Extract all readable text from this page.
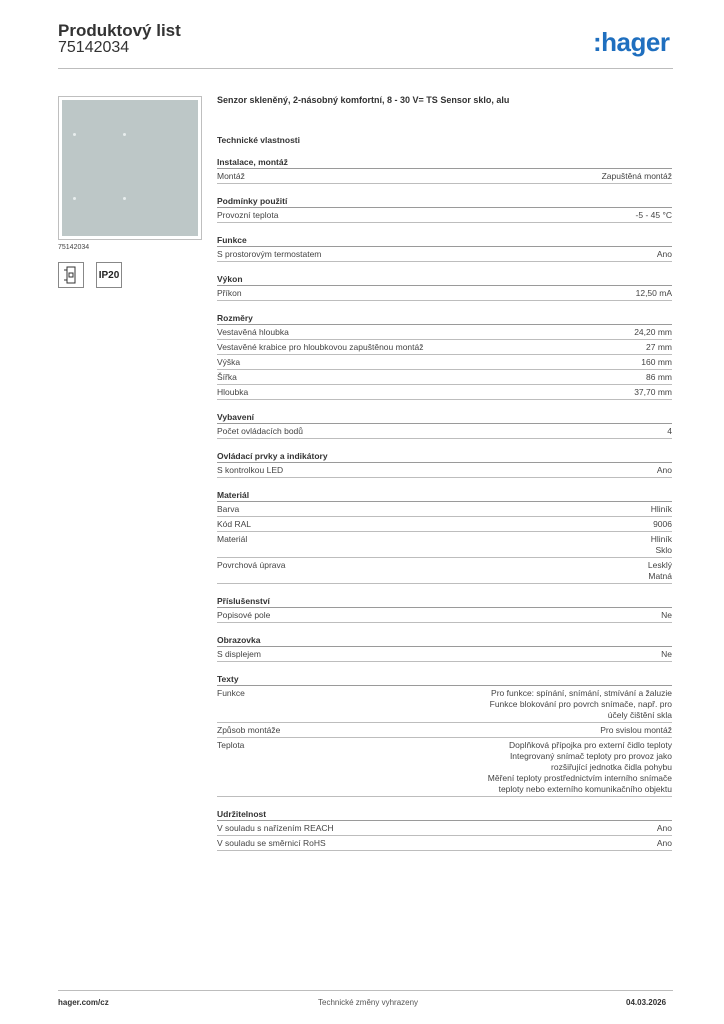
Produktový list
75142034	:hager
75142034
IP20
Senzor skleněný, 2-násobný komfortní, 8 - 30 V= TS Sensor sklo, alu
Technické vlastnosti
Instalace, montáž
Montáž	Zapuštěná montáž
Podmínky použití
Provozní teplota	-5 - 45 °C
Funkce
S prostorovým termostatem	Ano
Výkon
Příkon	12,50 mA
Rozměry
Vestavěná hloubka	24,20 mm
Vestavěné krabice pro hloubkovou zapuštěnou montáž	27 mm
Výška	160 mm
Šířka	86 mm
Hloubka	37,70 mm
Vybavení
Počet ovládacích bodů	4
Ovládací prvky a indikátory
S kontrolkou LED	Ano
Materiál
Barva	Hliník
Kód RAL	9006
Materiál	Hliník
Sklo
Povrchová úprava	Lesklý
Matná
Příslušenství
Popisové pole	Ne
Obrazovka
S displejem	Ne
Texty
Funkce	Pro funkce: spínání, snímání, stmívání a žaluzie
Funkce blokování pro povrch snímače, např. pro
účely čištění skla
Způsob montáže	Pro svislou montáž
Teplota	Doplňková přípojka pro externí čidlo teploty
Integrovaný snímač teploty pro provoz jako
rozšiřující jednotka čidla pohybu
Měření teploty prostřednictvím interního snímače
teploty nebo externího komunikačního objektu
Udržitelnost
V souladu s nařízením REACH	Ano
V souladu se směrnicí RoHS	Ano
hager.com/cz	Technické změny vyhrazeny	04.03.2026
